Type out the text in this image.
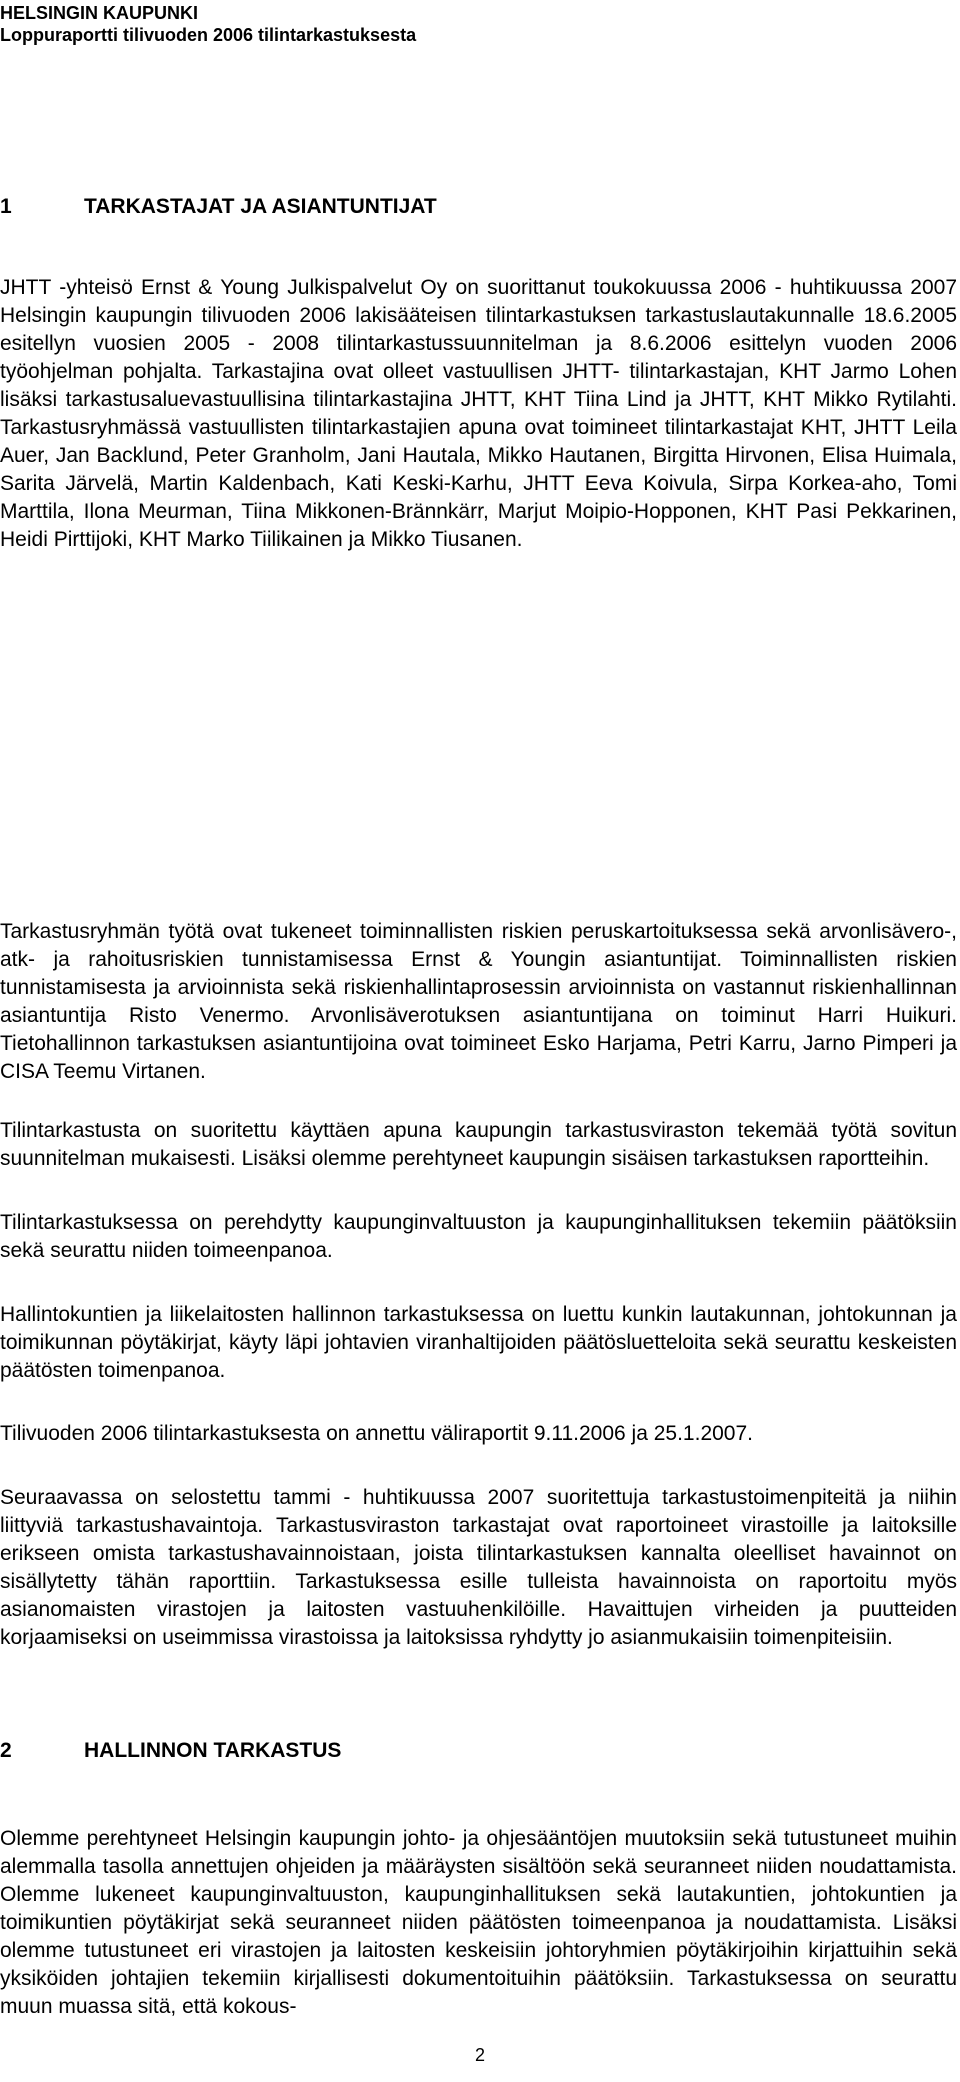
HELSINGIN KAUPUNKI
Loppuraportti tilivuoden 2006 tilintarkastuksesta
1	TARKASTAJAT JA ASIANTUNTIJAT
JHTT -yhteisö Ernst & Young Julkispalvelut Oy on suorittanut toukokuussa 2006 - huhtikuussa 2007 Helsingin kaupungin tilivuoden 2006 lakisääteisen tilintarkastuksen tarkastuslautakunnalle 18.6.2005 esitellyn vuosien 2005 - 2008 tilintarkastussuunnitelman ja 8.6.2006 esittelyn vuoden 2006 työohjelman pohjalta. Tarkastajina ovat olleet vastuullisen JHTT- tilintarkastajan, KHT Jarmo Lohen lisäksi tarkastusaluevastuullisina tilintarkastajina JHTT, KHT Tiina Lind ja JHTT, KHT Mikko Rytilahti. Tarkastusryhmässä vastuullisten tilintarkastajien apuna ovat toimineet tilintarkastajat KHT, JHTT Leila Auer, Jan Backlund, Peter Granholm, Jani Hautala, Mikko Hautanen, Birgitta Hirvonen, Elisa Huimala, Sarita Järvelä, Martin Kaldenbach, Kati Keski-Karhu, JHTT Eeva Koivula, Sirpa Korkea-aho, Tomi Marttila, Ilona Meurman, Tiina Mikkonen-Brännkärr, Marjut Moipio-Hopponen, KHT Pasi Pekkarinen, Heidi Pirttijoki, KHT Marko Tiilikainen ja Mikko Tiusanen.
Tarkastusryhmän työtä ovat tukeneet toiminnallisten riskien peruskartoituksessa sekä arvonlisävero-, atk- ja rahoitusriskien tunnistamisessa Ernst & Youngin asiantuntijat. Toiminnallisten riskien tunnistamisesta ja arvioinnista sekä riskienhallintaprosessin arvioinnista on vastannut riskienhallinnan asiantuntija Risto Venermo. Arvonlisäverotuksen asiantuntijana on toiminut Harri Huikuri. Tietohallinnon tarkastuksen asiantuntijoina ovat toimineet Esko Harjama, Petri Karru, Jarno Pimperi ja CISA Teemu Virtanen.
Tilintarkastusta on suoritettu käyttäen apuna kaupungin tarkastusviraston tekemää työtä sovitun suunnitelman mukaisesti. Lisäksi olemme perehtyneet kaupungin sisäisen tarkastuksen raportteihin.
Tilintarkastuksessa on perehdytty kaupunginvaltuuston ja kaupunginhallituksen tekemiin päätöksiin sekä seurattu niiden toimeenpanoa.
Hallintokuntien ja liikelaitosten hallinnon tarkastuksessa on luettu kunkin lautakunnan, johtokunnan ja toimikunnan pöytäkirjat, käyty läpi johtavien viranhaltijoiden päätösluetteloita sekä seurattu keskeisten päätösten toimenpanoa.
Tilivuoden 2006 tilintarkastuksesta on annettu väliraportit 9.11.2006 ja 25.1.2007.
Seuraavassa on selostettu tammi - huhtikuussa 2007 suoritettuja tarkastustoimenpiteitä ja niihin liittyviä tarkastushavaintoja. Tarkastusviraston tarkastajat ovat raportoineet virastoille ja laitoksille erikseen omista tarkastushavainnoistaan, joista tilintarkastuksen kannalta oleelliset havainnot on sisällytetty tähän raporttiin. Tarkastuksessa esille tulleista havainnoista on raportoitu myös asianomaisten virastojen ja laitosten vastuuhenkilöille. Havaittujen virheiden ja puutteiden korjaamiseksi on useimmissa virastoissa ja laitoksissa ryhdytty jo asianmukaisiin toimenpiteisiin.
2	HALLINNON TARKASTUS
Olemme perehtyneet Helsingin kaupungin johto- ja ohjesääntöjen muutoksiin sekä tutustuneet muihin alemmalla tasolla annettujen ohjeiden ja määräysten sisältöön sekä seuranneet niiden noudattamista. Olemme lukeneet kaupunginvaltuuston, kaupunginhallituksen sekä lautakuntien, johtokuntien ja toimikuntien pöytäkirjat sekä seuranneet niiden päätösten toimeenpanoa ja noudattamista. Lisäksi olemme tutustuneet eri virastojen ja laitosten keskeisiin johtoryhmien pöytäkirjoihin kirjattuihin sekä yksiköiden johtajien tekemiin kirjallisesti dokumentoituihin päätöksiin. Tarkastuksessa on seurattu muun muassa sitä, että kokous-
2
